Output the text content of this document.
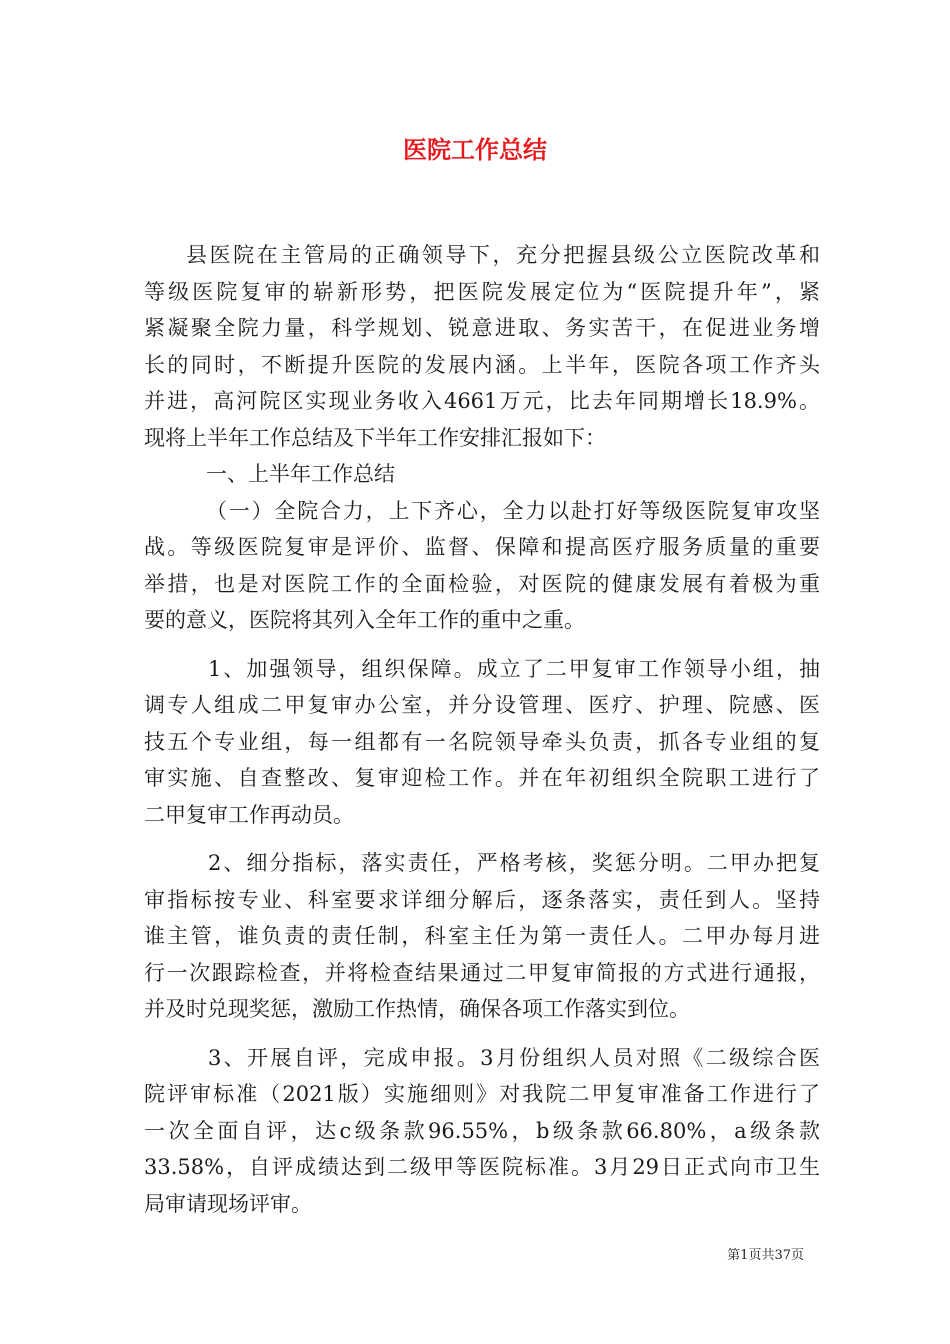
医院工作总结
县医院在主管局的正确领导下，充分把握县级公立医院改革和
等级医院复审的崭新形势，把医院发展定位为“医院提升年”，紧
紧凝聚全院力量，科学规划、锐意进取、务实苦干，在促进业务增
长的同时，不断提升医院的发展内涵。上半年，医院各项工作齐头
并进，高河院区实现业务收入4661万元，比去年同期增长18.9%。
现将上半年工作总结及下半年工作安排汇报如下：
一、上半年工作总结
（一）全院合力，上下齐心，全力以赴打好等级医院复审攻坚
战。等级医院复审是评价、监督、保障和提高医疗服务质量的重要
举措，也是对医院工作的全面检验，对医院的健康发展有着极为重
要的意义，医院将其列入全年工作的重中之重。
1、加强领导，组织保障。成立了二甲复审工作领导小组，抽
调专人组成二甲复审办公室，并分设管理、医疗、护理、院感、医
技五个专业组，每一组都有一名院领导牵头负责，抓各专业组的复
审实施、自查整改、复审迎检工作。并在年初组织全院职工进行了
二甲复审工作再动员。
2、细分指标，落实责任，严格考核，奖惩分明。二甲办把复
审指标按专业、科室要求详细分解后，逐条落实，责任到人。坚持
谁主管，谁负责的责任制，科室主任为第一责任人。二甲办每月进
行一次跟踪检查，并将检查结果通过二甲复审简报的方式进行通报，
并及时兑现奖惩，激励工作热情，确保各项工作落实到位。
3、开展自评，完成申报。3月份组织人员对照《二级综合医
院评审标准（2021版）实施细则》对我院二甲复审准备工作进行了
一次全面自评，达c级条款96.55%，b级条款66.80%，a级条款
33.58%，自评成绩达到二级甲等医院标准。3月29日正式向市卫生
局审请现场评审。
第1页共37页
